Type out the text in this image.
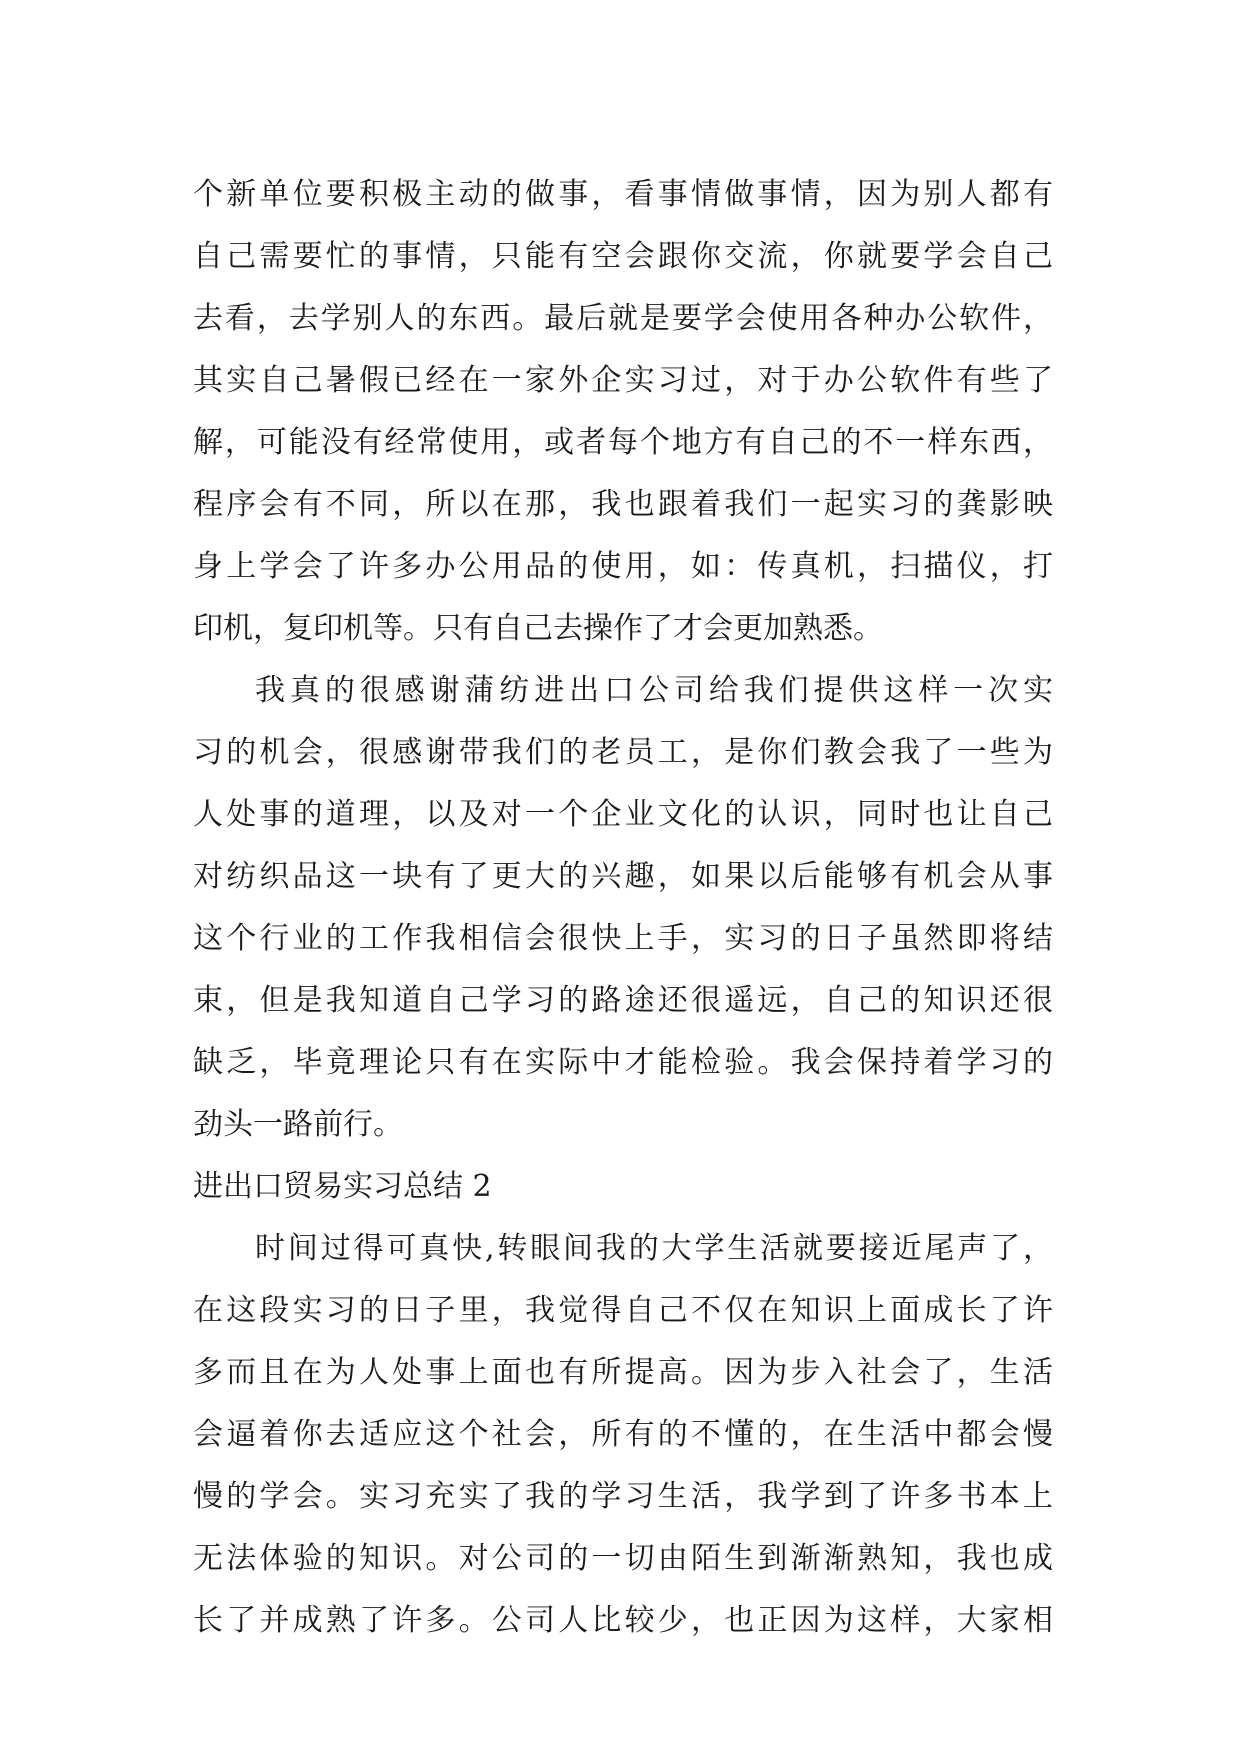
个新单位要积极主动的做事，看事情做事情，因为别人都有
自己需要忙的事情，只能有空会跟你交流，你就要学会自己
去看，去学别人的东西。最后就是要学会使用各种办公软件，
其实自己暑假已经在一家外企实习过，对于办公软件有些了
解，可能没有经常使用，或者每个地方有自己的不一样东西，
程序会有不同，所以在那，我也跟着我们一起实习的龚影映
身上学会了许多办公用品的使用，如：传真机，扫描仪，打
印机，复印机等。只有自己去操作了才会更加熟悉。
我真的很感谢蒲纺进出口公司给我们提供这样一次实
习的机会，很感谢带我们的老员工，是你们教会我了一些为
人处事的道理，以及对一个企业文化的认识，同时也让自己
对纺织品这一块有了更大的兴趣，如果以后能够有机会从事
这个行业的工作我相信会很快上手，实习的日子虽然即将结
束，但是我知道自己学习的路途还很遥远，自己的知识还很
缺乏，毕竟理论只有在实际中才能检验。我会保持着学习的
劲头一路前行。
进出口贸易实习总结 2
时间过得可真快,转眼间我的大学生活就要接近尾声了，
在这段实习的日子里，我觉得自己不仅在知识上面成长了许
多而且在为人处事上面也有所提高。因为步入社会了，生活
会逼着你去适应这个社会，所有的不懂的，在生活中都会慢
慢的学会。实习充实了我的学习生活，我学到了许多书本上
无法体验的知识。对公司的一切由陌生到渐渐熟知，我也成
长了并成熟了许多。公司人比较少，也正因为这样，大家相
